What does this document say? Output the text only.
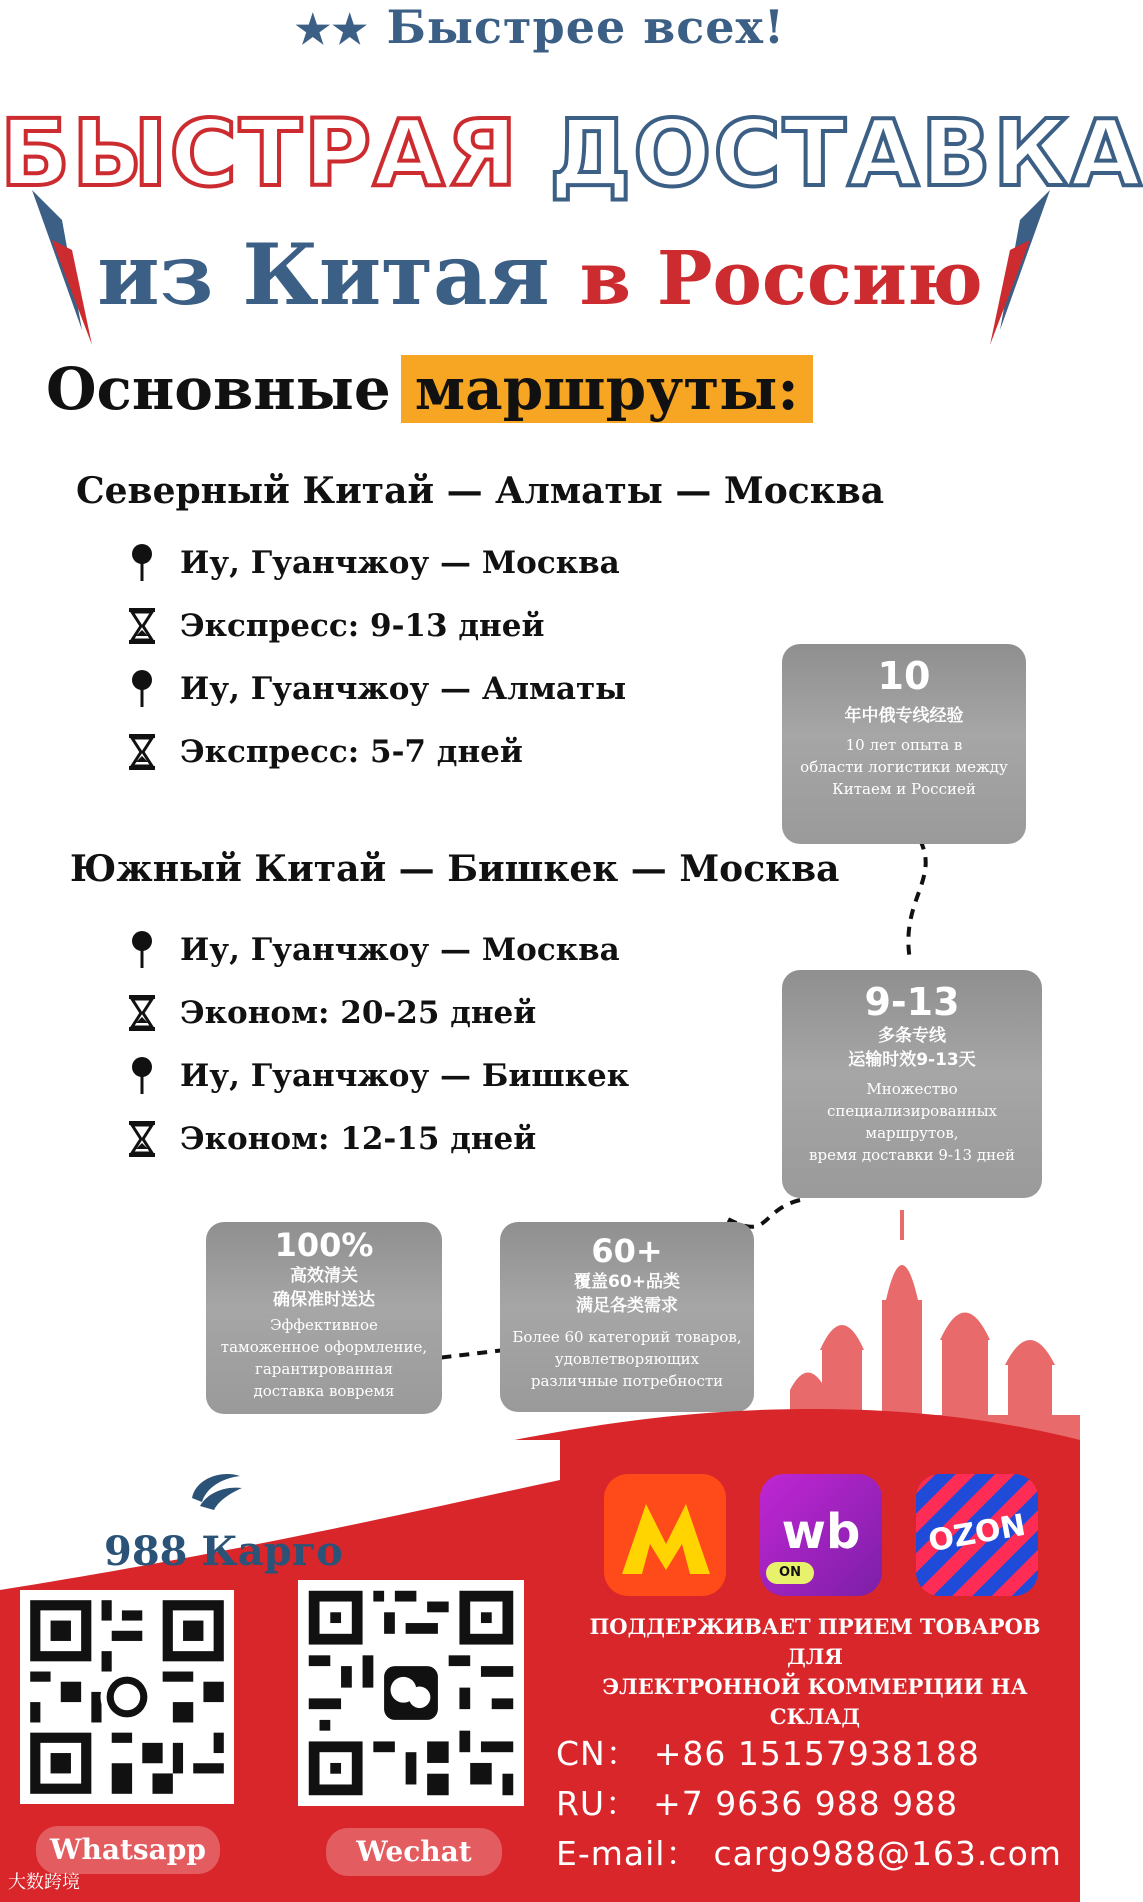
★★ Быстрее всех!
БЫСТРАЯ ДОСТАВКА
из Китая в Россию
Основные маршруты:
Северный Китай — Алматы — Москва
Иу, Гуанчжоу — Москва
Экспресс: 9-13 дней
Иу, Гуанчжоу — Алматы
Экспресс: 5-7 дней
Южный Китай — Бишкек — Москва
Иу, Гуанчжоу — Москва
Эконом: 20-25 дней
Иу, Гуанчжоу — Бишкек
Эконом: 12-15 дней
10
年中俄专线经验
10 лет опыта в
области логистики между
Китаем и Россией
9-13
多条专线
运输时效9-13天
Множество
специализированных
маршрутов,
время доставки 9-13 дней
100%
高效清关
确保准时送达
Эффективное
таможенное оформление,
гарантированная
доставка вовремя
60+
覆盖60+品类
满足各类需求
Более 60 категорий товаров,
удовлетворяющих
различные потребности
988 Карго	wb
ON
OZON
ПОДДЕРЖИВАЕТ ПРИЕМ ТОВАРОВ ДЛЯ
ЭЛЕКТРОННОЙ КОММЕРЦИИ НА СКЛАД
CN： +86 15157938188
RU： +7 9636 988 988
E-mail： cargo988@163.com
Whatsapp	Wechat
大数跨境
